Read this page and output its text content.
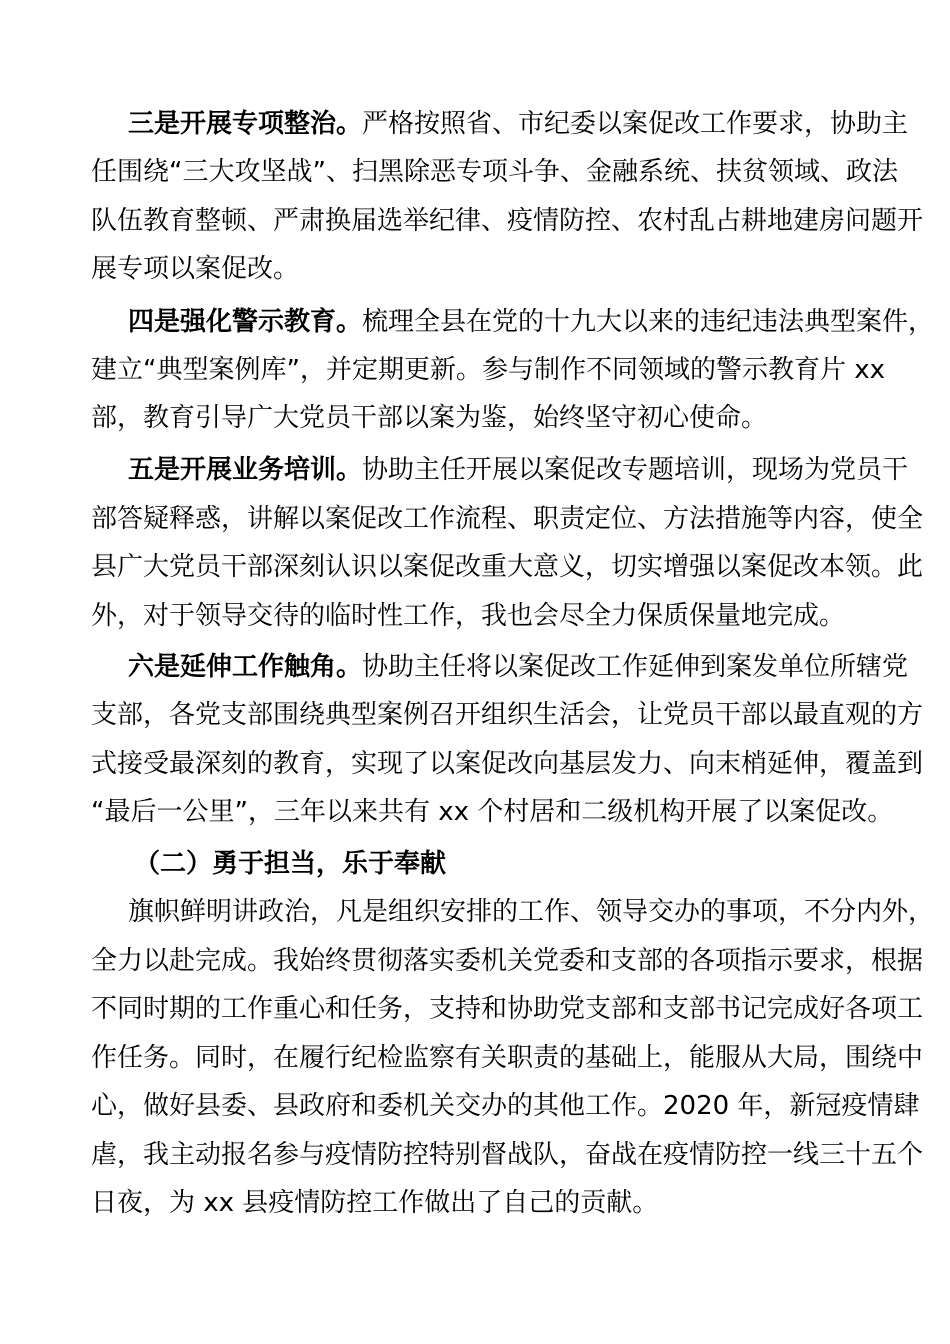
三是开展专项整治。严格按照省、市纪委以案促改工作要求，协助主
任围绕“三大攻坚战”、扫黑除恶专项斗争、金融系统、扶贫领域、政法
队伍教育整顿、严肃换届选举纪律、疫情防控、农村乱占耕地建房问题开
展专项以案促改。
四是强化警示教育。梳理全县在党的十九大以来的违纪违法典型案件，
建立“典型案例库”，并定期更新。参与制作不同领域的警示教育片 xx
部，教育引导广大党员干部以案为鉴，始终坚守初心使命。
五是开展业务培训。协助主任开展以案促改专题培训，现场为党员干
部答疑释惑，讲解以案促改工作流程、职责定位、方法措施等内容，使全
县广大党员干部深刻认识以案促改重大意义，切实增强以案促改本领。此
外，对于领导交待的临时性工作，我也会尽全力保质保量地完成。
六是延伸工作触角。协助主任将以案促改工作延伸到案发单位所辖党
支部，各党支部围绕典型案例召开组织生活会，让党员干部以最直观的方
式接受最深刻的教育，实现了以案促改向基层发力、向末梢延伸，覆盖到
“最后一公里”，三年以来共有 xx 个村居和二级机构开展了以案促改。
（二）勇于担当，乐于奉献
旗帜鲜明讲政治，凡是组织安排的工作、领导交办的事项，不分内外，
全力以赴完成。我始终贯彻落实委机关党委和支部的各项指示要求，根据
不同时期的工作重心和任务，支持和协助党支部和支部书记完成好各项工
作任务。同时，在履行纪检监察有关职责的基础上，能服从大局，围绕中
心，做好县委、县政府和委机关交办的其他工作。2020 年，新冠疫情肆
虐，我主动报名参与疫情防控特别督战队，奋战在疫情防控一线三十五个
日夜，为 xx 县疫情防控工作做出了自己的贡献。
